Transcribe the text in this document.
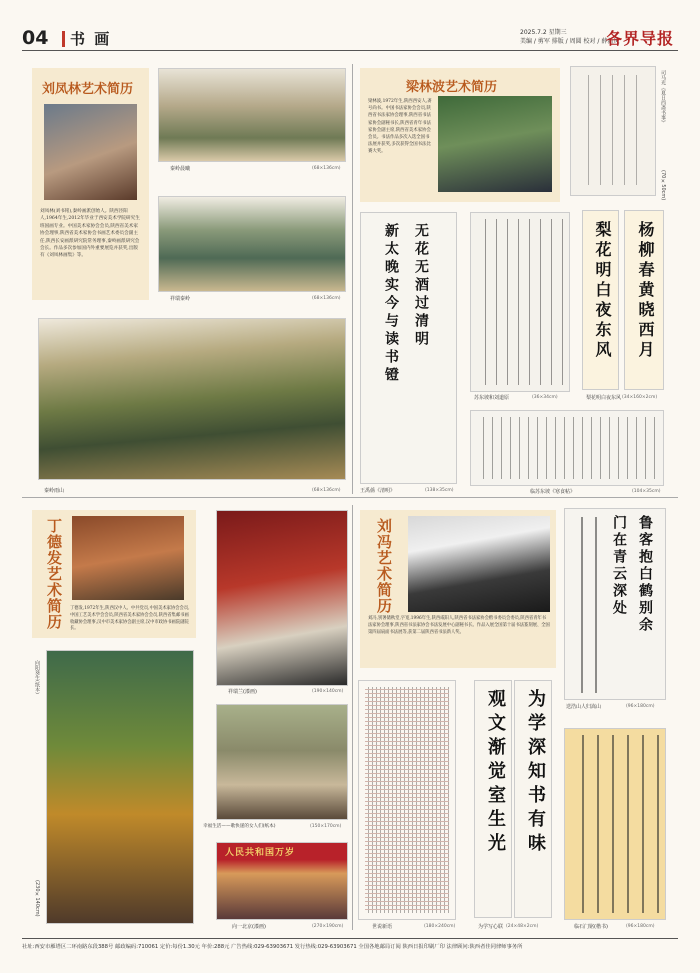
04 书 画	2025.7.2 星期三
美编 / 剪军 排版 / 周圆 校对 / 薛新凤
各界导报
刘凤林艺术简历
刘凤林(刘书铭),秦岭画派创始人。陕西泾阳人,1964年生,2012年毕业于西安美术学院研究生班国画专业。中国美术家协会会员,陕西省美术家协会理事,陕西省美术家协会书画艺术委员会副主任,陕西长安画派研究院常务理事,秦岭画派研究会会长。作品多次参加国内外重要展览并获奖,出版有《刘凤林画集》等。
秦岭晨曦	(68×136cm)
祥瑞秦岭	(68×136cm)
秦岭雨山	(68×136cm)
梁林波艺术简历
梁林波,1972年生,陕西西安人,斋号尚书。中国书法家协会会员,陕西省书法家协会理事,陕西省书法家协会副秘书长,陕西省青年书法家协会副主席,陕西省美术家协会会员。书法作品多次入选全国书法展并获奖,多次获得全国书法比赛大奖。
司马光《夏日西斋书事》
(70×50cm)
无花无酒过清明
新太晚实今与读书镫
王禹偁《清明》	(138×35cm)
苏东坡和刘道原	(36×34cm)
梨花明白夜东风 杨柳春黄晓西月
梨花明白夜东风 (34×160×2cm)
临苏东坡《寒食帖》	(104×35cm)
丁德发艺术简历	丁德发,1972年生,陕西汉中人。中共党员,中国美术家协会会员,中国工艺美术学会会员,陕西省美术家协会会员,陕西省集邮书画收藏协会理事,汉中市美术家协会副主席,汉中市政协书画院副院长。
向阳葵生(纸本)
(230×140cm)
祥瑞兰(漆画)	(190×140cm)
幸福生活——歌快递的女人们(纸本)	(150×170cm)
人民共和国万岁
向一北京(漆画)	(270×190cm)
刘冯艺术简历
刘冯,别署储秋堂,字宽,1996年生,陕西咸阳人,陕西省书法家协会楷书委员会委员,陕西省青年书法家协会理事,陕西省书法家协会书法发展中心副秘书长。作品入展全国第十届书法篆刻展、全国第四届扇面书法展等,获第二届陕西省书法新人奖。	鲁客抱白鹤别余
门在青云深处
送浩山人归嵩山	(96×180cm)
世说新语	(180×240cm)
观文渐觉室生光 为学深知书有味
为学写心联 (24×48×2cm)	临石门铭(楷书)	(96×180cm)
社址:西安市雁塔区二环南路东段388号 邮政编码:710061 定价:每份1.30元 年价:288元 广告热线:029-63903671 发行热线:029-63903671 全国各地邮局订阅 陕西日报印刷厂印 法律顾问:陕西者佳同律师事务所
